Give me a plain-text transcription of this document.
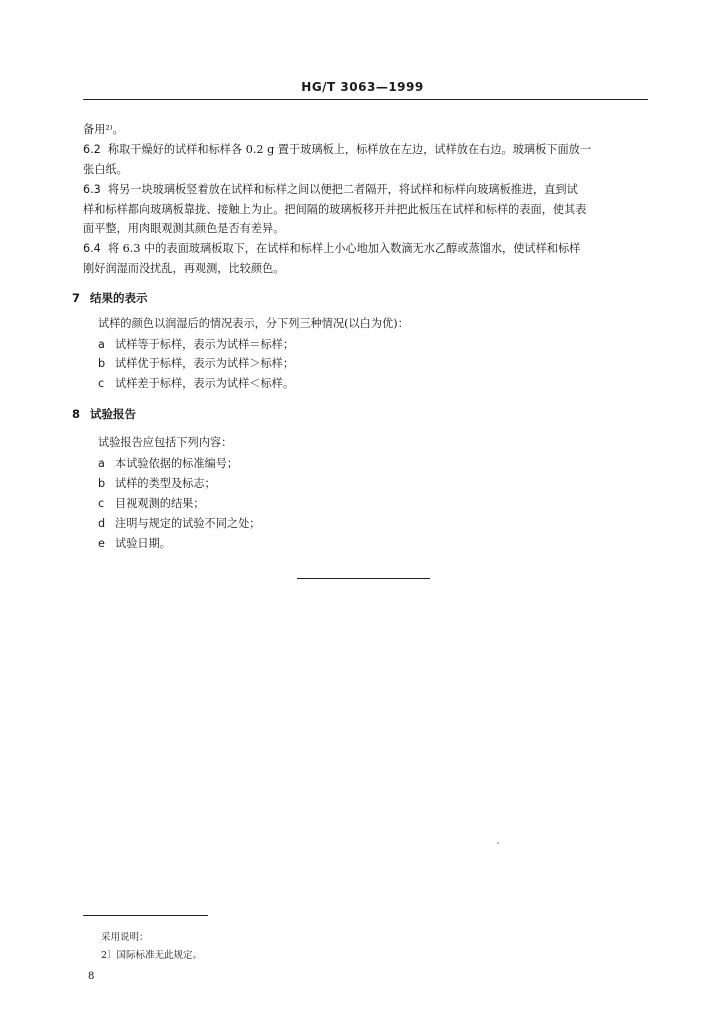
HG/T 3063—1999
备用²⁾。
6.2 称取干燥好的试样和标样各 0.2 g 置于玻璃板上，标样放在左边，试样放在右边。玻璃板下面放一
张白纸。
6.3 将另一块玻璃板竖着放在试样和标样之间以便把二者隔开，将试样和标样向玻璃板推进，直到试
样和标样都向玻璃板靠拢、接触上为止。把间隔的玻璃板移开并把此板压在试样和标样的表面，使其表
面平整，用肉眼观测其颜色是否有差异。
6.4 将 6.3 中的表面玻璃板取下，在试样和标样上小心地加入数滴无水乙醇或蒸馏水，使试样和标样
刚好润湿而没扰乱，再观测，比较颜色。
7 结果的表示
试样的颜色以润湿后的情况表示，分下列三种情况(以白为优)：
a 试样等于标样，表示为试样＝标样；
b 试样优于标样，表示为试样＞标样；
c 试样差于标样，表示为试样＜标样。
8 试验报告
试验报告应包括下列内容：
a 本试验依据的标准编号；
b 试样的类型及标志；
c 目视观测的结果；
d 注明与规定的试验不同之处；
e 试验日期。
采用说明：
2〕国际标准无此规定。
8
